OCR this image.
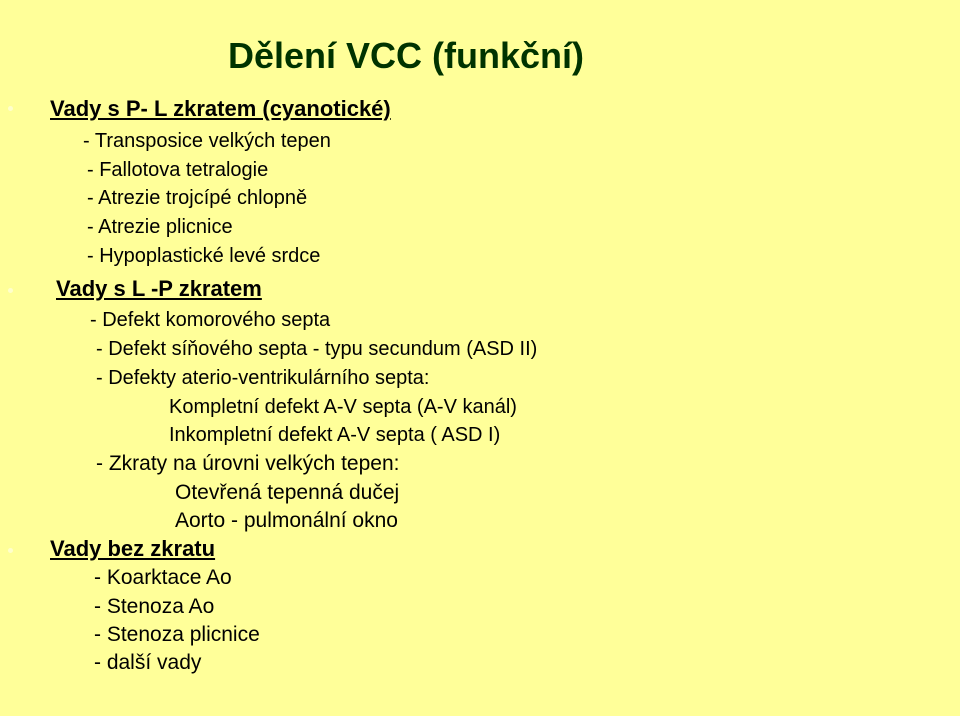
Dělení VCC (funkční)
Vady s P- L zkratem (cyanotické)
- Transposice velkých tepen
- Fallotova tetralogie
- Atrezie trojcípé chlopně
- Atrezie plicnice
- Hypoplastické levé srdce
Vady s L -P zkratem
- Defekt komorového septa
- Defekt síňového septa - typu secundum (ASD II)
- Defekty aterio-ventrikulárního septa:
Kompletní defekt A-V septa (A-V kanál)
Inkompletní defekt A-V septa ( ASD I)
- Zkraty na úrovni velkých tepen:
Otevřená tepenná dučej
Aorto - pulmonální okno
Vady bez zkratu
- Koarktace Ao
- Stenoza Ao
- Stenoza plicnice
- další vady
